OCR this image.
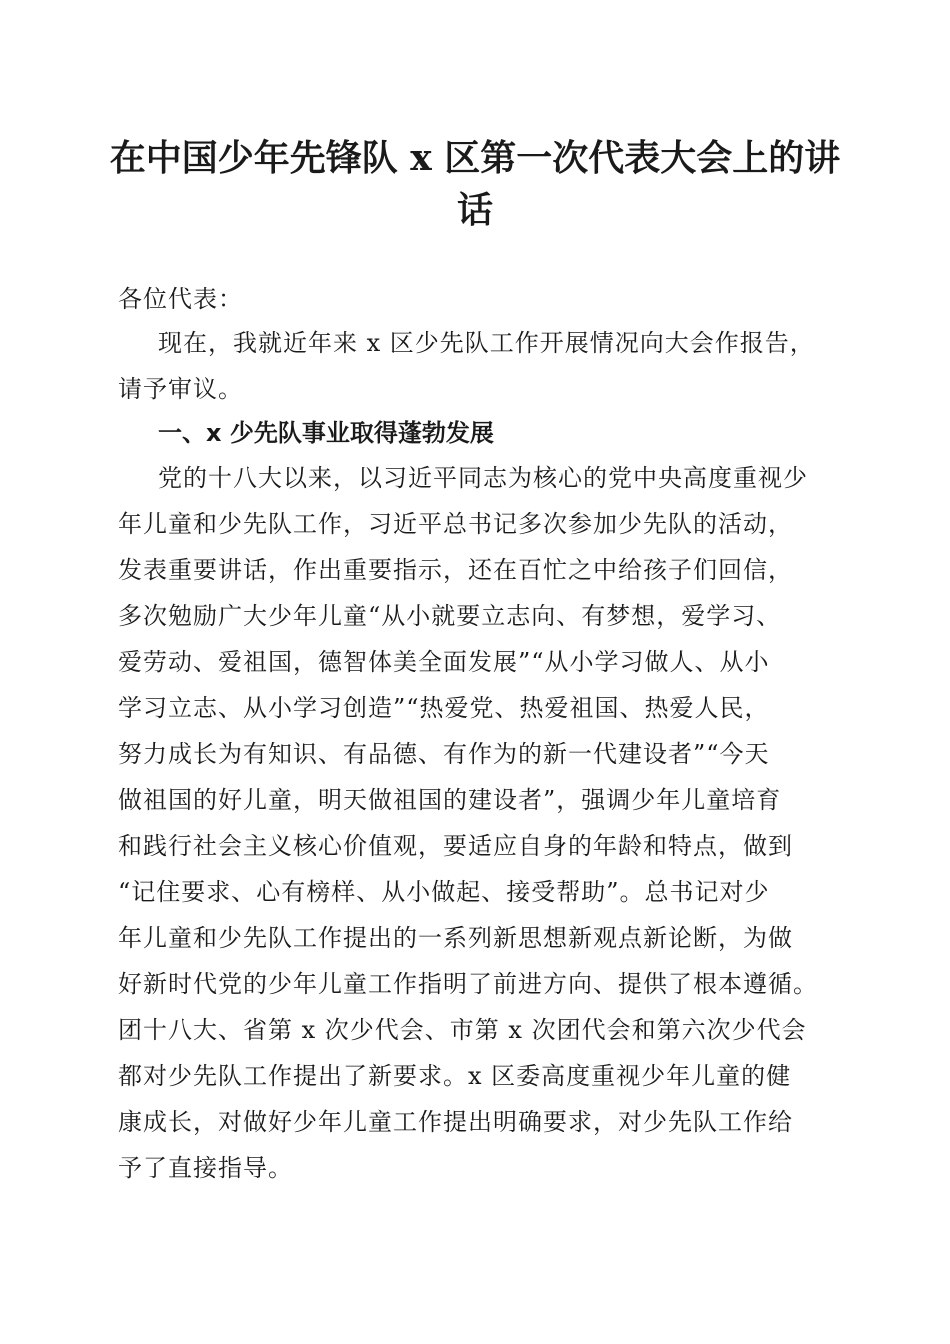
在中国少年先锋队 x 区第一次代表大会上的讲话

各位代表：

现在，我就近年来 x 区少先队工作开展情况向大会作报告，请予审议。

一、x 少先队事业取得蓬勃发展

党的十八大以来，以习近平同志为核心的党中央高度重视少
年儿童和少先队工作，习近平总书记多次参加少先队的活动，
发表重要讲话，作出重要指示，还在百忙之中给孩子们回信，
多次勉励广大少年儿童“从小就要立志向、有梦想，爱学习、
爱劳动、爱祖国，德智体美全面发展”“从小学习做人、从小
学习立志、从小学习创造”“热爱党、热爱祖国、热爱人民，
努力成长为有知识、有品德、有作为的新一代建设者”“今天
做祖国的好儿童，明天做祖国的建设者”，强调少年儿童培育
和践行社会主义核心价值观，要适应自身的年龄和特点，做到
“记住要求、心有榜样、从小做起、接受帮助”。总书记对少
年儿童和少先队工作提出的一系列新思想新观点新论断，为做
好新时代党的少年儿童工作指明了前进方向、提供了根本遵循。
团十八大、省第 x 次少代会、市第 x 次团代会和第六次少代会
都对少先队工作提出了新要求。x 区委高度重视少年儿童的健
康成长，对做好少年儿童工作提出明确要求，对少先队工作给
予了直接指导。
